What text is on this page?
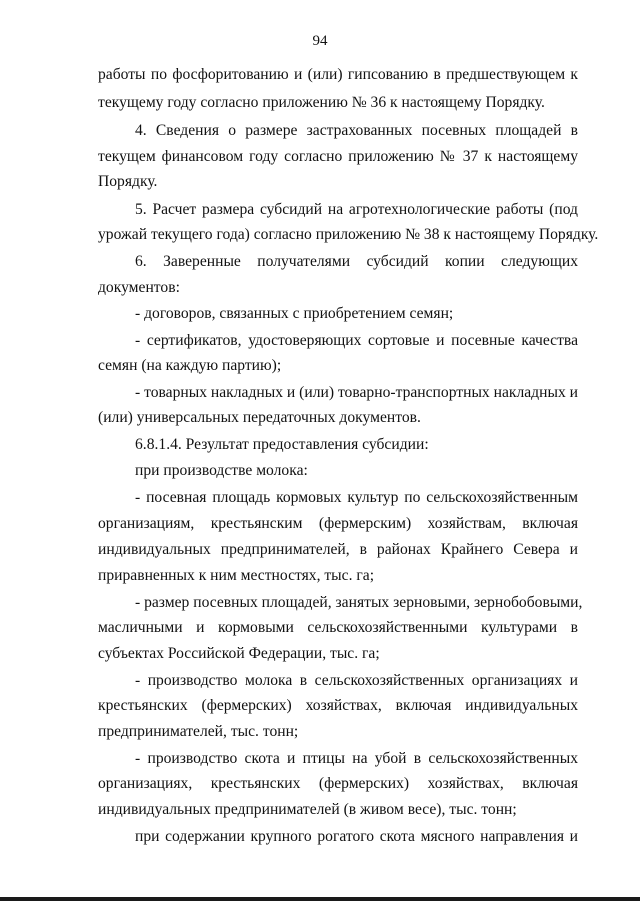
94
работы по фосфоритованию и (или) гипсованию в предшествующем к
текущему году согласно приложению № 36 к настоящему Порядку.
4. Сведения о размере застрахованных посевных площадей в
текущем финансовом году согласно приложению № 37 к настоящему
Порядку.
5. Расчет размера субсидий на агротехнологические работы (под
урожай текущего года) согласно приложению № 38 к настоящему Порядку.
6. Заверенные получателями субсидий копии следующих
документов:
- договоров, связанных с приобретением семян;
- сертификатов, удостоверяющих сортовые и посевные качества
семян (на каждую партию);
- товарных накладных и (или) товарно-транспортных накладных и
(или) универсальных передаточных документов.
6.8.1.4. Результат предоставления субсидии:
при производстве молока:
- посевная площадь кормовых культур по сельскохозяйственным
организациям, крестьянским (фермерским) хозяйствам, включая
индивидуальных предпринимателей, в районах Крайнего Севера и
приравненных к ним местностях, тыс. га;
- размер посевных площадей, занятых зерновыми, зернобобовыми,
масличными и кормовыми сельскохозяйственными культурами в
субъектах Российской Федерации, тыс. га;
- производство молока в сельскохозяйственных организациях и
крестьянских (фермерских) хозяйствах, включая индивидуальных
предпринимателей, тыс. тонн;
- производство скота и птицы на убой в сельскохозяйственных
организациях, крестьянских (фермерских) хозяйствах, включая
индивидуальных предпринимателей (в живом весе), тыс. тонн;
при содержании крупного рогатого скота мясного направления и
